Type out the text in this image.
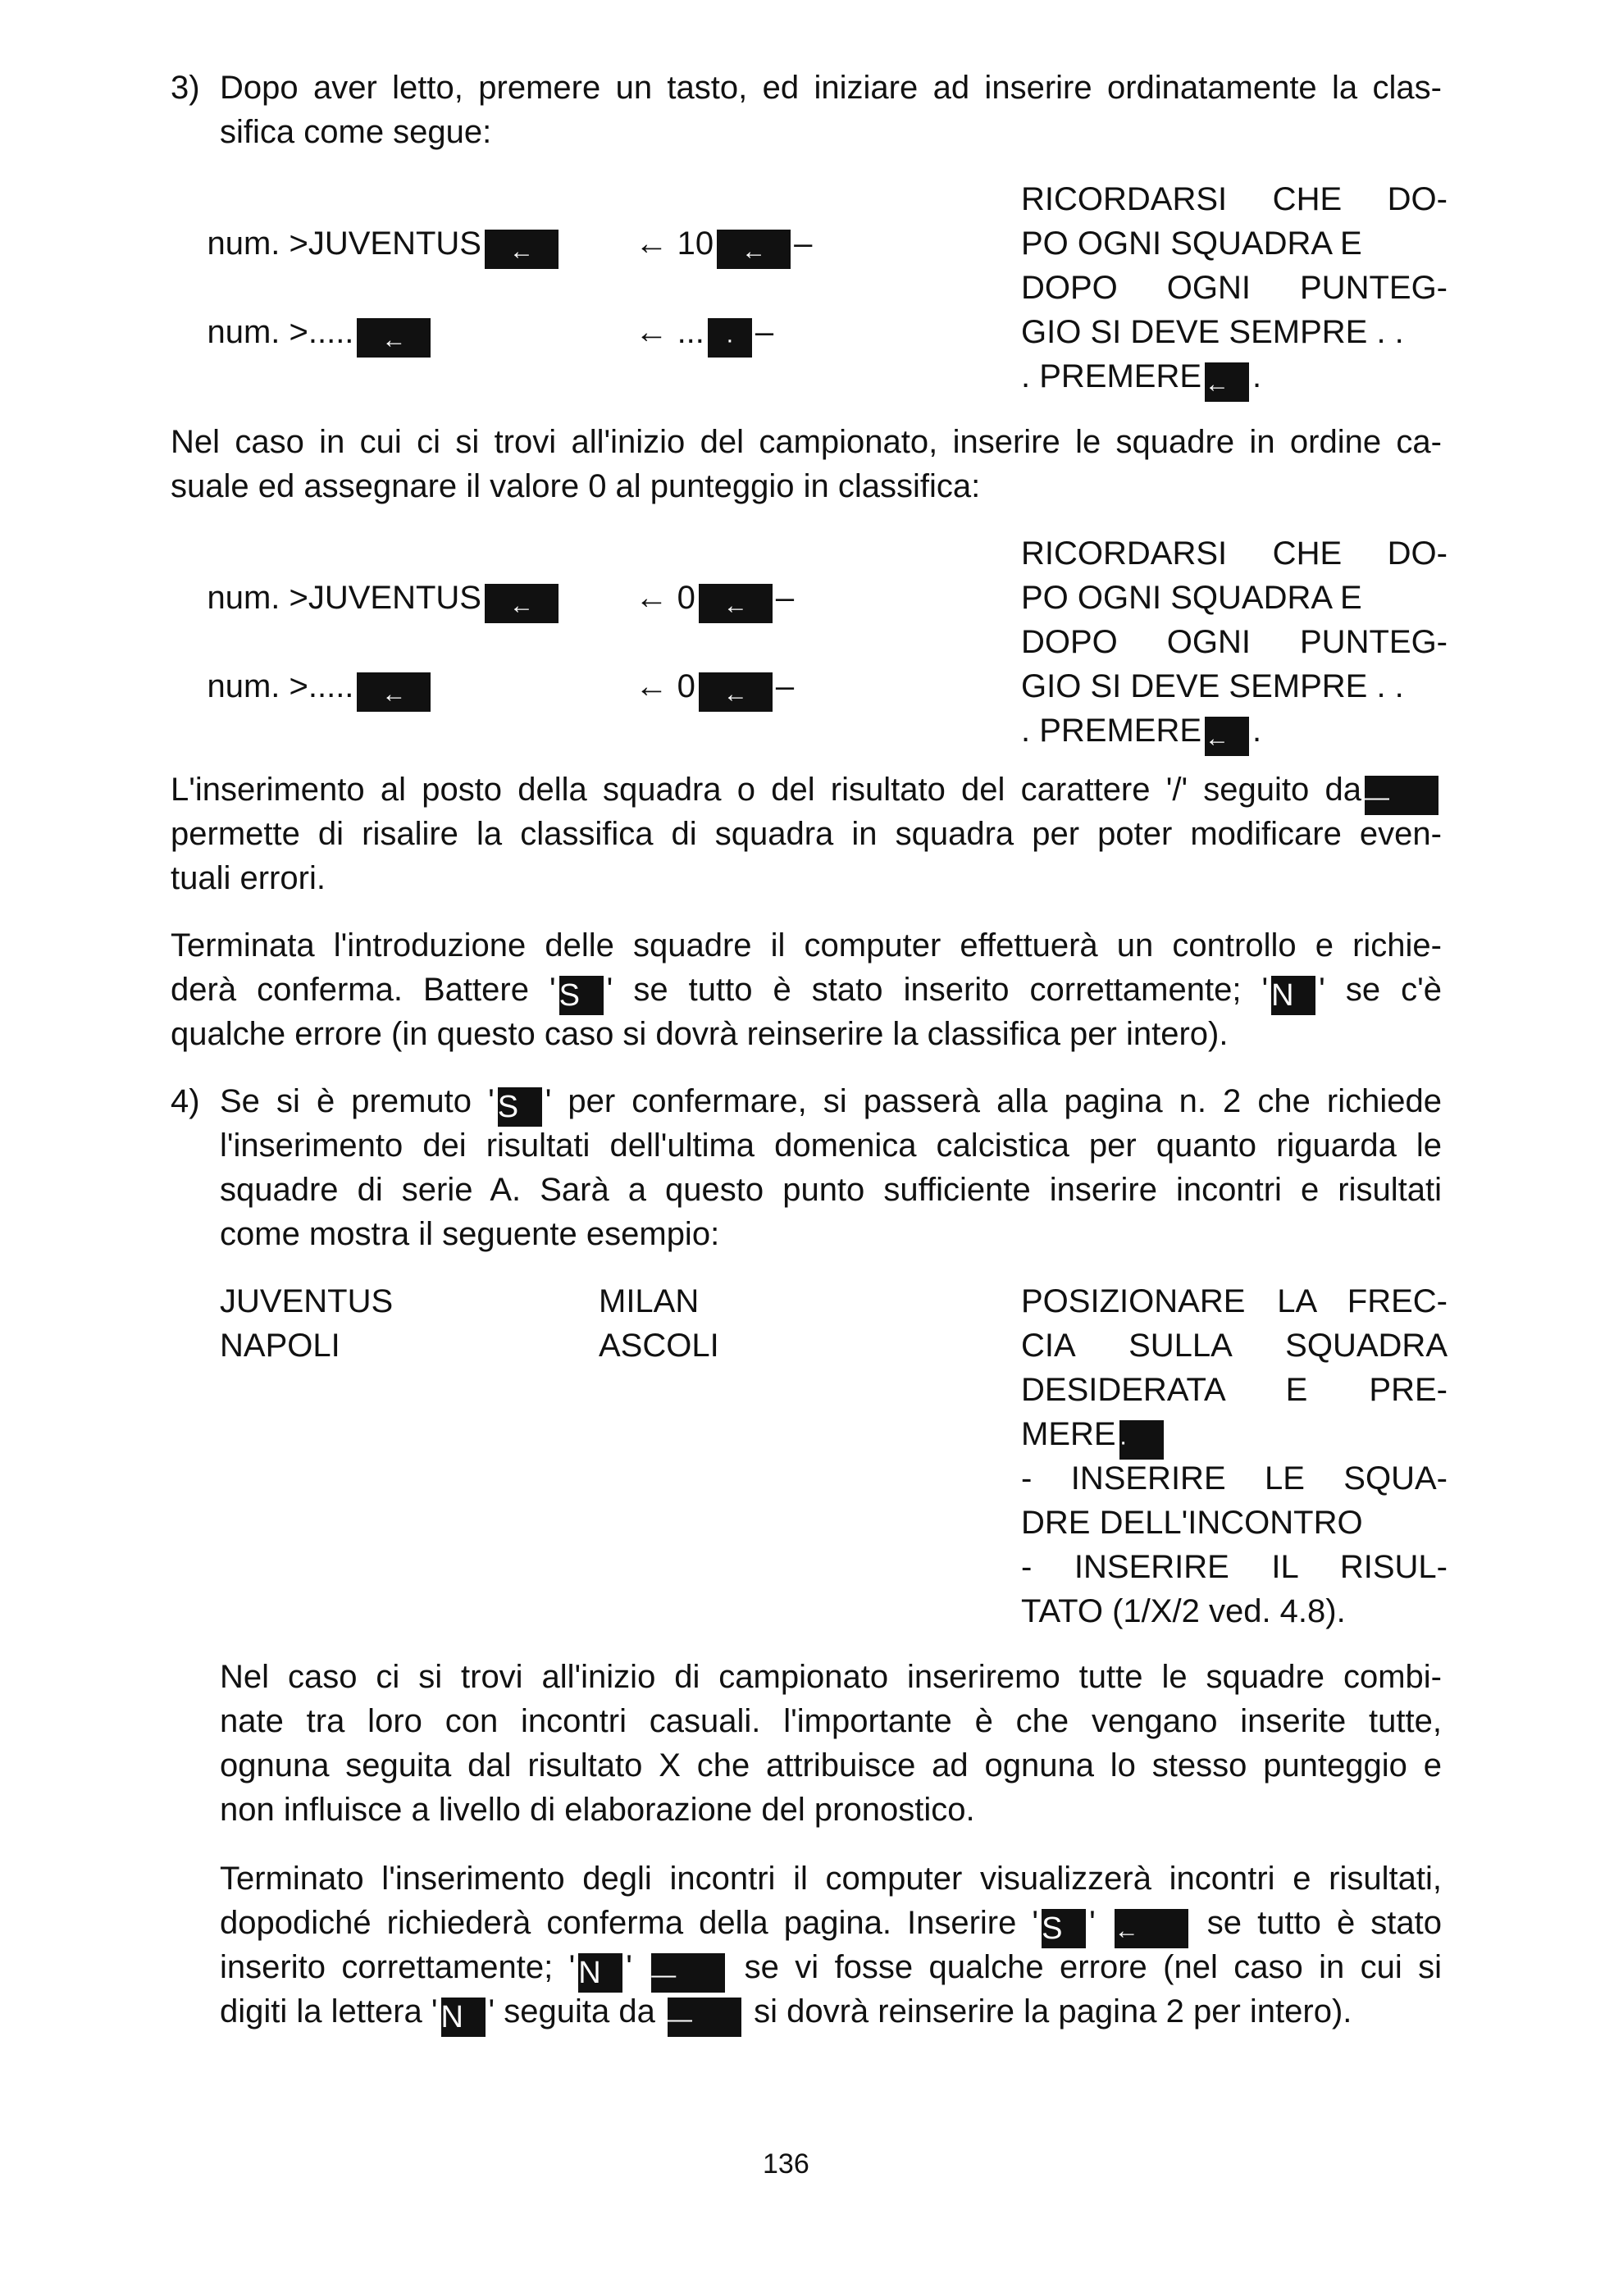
3) Dopo aver letto, premere un tasto, ed iniziare ad inserire ordinatamente la clas-
sifica come segue:

num. >JUVENTUS ←
	← 10 ← –

num. >..... ←
	← ... · –

RICORDARSI CHE DO-
PO OGNI SQUADRA E
DOPO OGNI PUNTEG-
GIO SI DEVE SEMPRE . .
. PREMERE ← .
Nel caso in cui ci si trovi all'inizio del campionato, inserire le squadre in ordine ca-
suale ed assegnare il valore 0 al punteggio in classifica:

num. >JUVENTUS ←
	← 0 ← –

num. >..... ←
	← 0 ← –

RICORDARSI CHE DO-
PO OGNI SQUADRA E
DOPO OGNI PUNTEG-
GIO SI DEVE SEMPRE . .
. PREMERE ← .
L'inserimento al posto della squadra o del risultato del carattere '/' seguito da —
permette di risalire la classifica di squadra in squadra per poter modificare even-
tuali errori.
Terminata l'introduzione delle squadre il computer effettuerà un controllo e richie-
derà conferma. Battere ' S ' se tutto è stato inserito correttamente; ' N ' se c'è
qualche errore (in questo caso si dovrà reinserire la classifica per intero).
4) Se si è premuto ' S ' per confermare, si passerà alla pagina n. 2 che richiede
l'inserimento dei risultati dell'ultima domenica calcistica per quanto riguarda le
squadre di serie A. Sarà a questo punto sufficiente inserire incontri e risultati
come mostra il seguente esempio:
JUVENTUS	MILAN
NAPOLI	ASCOLI
POSIZIONARE LA FREC-
CIA SULLA SQUADRA
DESIDERATA E PRE-
MERE ·
- INSERIRE LE SQUA-
DRE DELL'INCONTRO
- INSERIRE IL RISUL-
TATO (1/X/2 ved. 4.8).
Nel caso ci si trovi all'inizio di campionato inseriremo tutte le squadre combi-
nate tra loro con incontri casuali. l'importante è che vengano inserite tutte,
ognuna seguita dal risultato X che attribuisce ad ognuna lo stesso punteggio e
non influisce a livello di elaborazione del pronostico.
Terminato l'inserimento degli incontri il computer visualizzerà incontri e risultati,
dopodiché richiederà conferma della pagina. Inserire ' S ' ← se tutto è stato
inserito correttamente; ' N ' — se vi fosse qualche errore (nel caso in cui si
digiti la lettera ' N ' seguita da — si dovrà reinserire la pagina 2 per intero).
136
